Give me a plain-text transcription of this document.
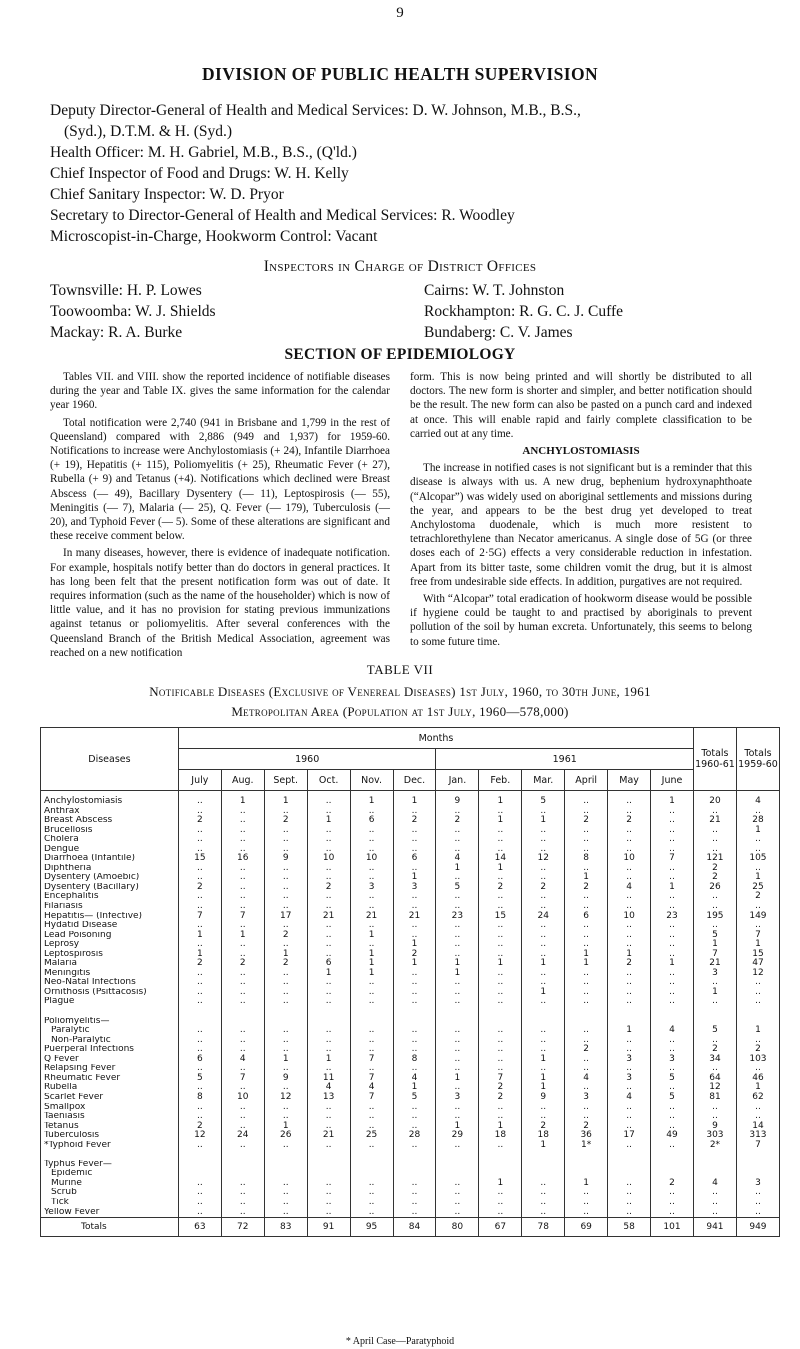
9
DIVISION OF PUBLIC HEALTH SUPERVISION
Deputy Director-General of Health and Medical Services: D. W. Johnson, M.B., B.S.,
(Syd.), D.T.M. & H. (Syd.)
Health Officer: M. H. Gabriel, M.B., B.S., (Q'ld.)
Chief Inspector of Food and Drugs: W. H. Kelly
Chief Sanitary Inspector: W. D. Pryor
Secretary to Director-General of Health and Medical Services: R. Woodley
Microscopist-in-Charge, Hookworm Control: Vacant
Inspectors in Charge of District Offices
Townsville: H. P. Lowes
Toowoomba: W. J. Shields
Mackay: R. A. Burke
Cairns: W. T. Johnston
Rockhampton: R. G. C. J. Cuffe
Bundaberg: C. V. James
SECTION OF EPIDEMIOLOGY

Tables VII. and VIII. show the reported incidence of notifiable diseases during the year and Table IX. gives the same information for the calendar year 1960.

Total notification were 2,740 (941 in Brisbane and 1,799 in the rest of Queensland) compared with 2,886 (949 and 1,937) for 1959-60. Notifications to increase were Anchylostomiasis (+ 24), Infantile Diarrhoea (+ 19), Hepatitis (+ 115), Poliomyelitis (+ 25), Rheumatic Fever (+ 27), Rubella (+ 9) and Tetanus (+4). Notifications which declined were Breast Abscess (— 49), Bacillary Dysentery (— 11), Leptospirosis (— 55), Meningitis (— 7), Malaria (— 25), Q. Fever (— 179), Tuberculosis (— 20), and Typhoid Fever (— 5). Some of these alterations are significant and these receive comment below.

In many diseases, however, there is evidence of inadequate notification. For example, hospitals notify better than do doctors in general practices. It has long been felt that the present notification form was out of date. It requires information (such as the name of the householder) which is now of little value, and it has no provision for stating previous immunizations against tetanus or poliomyelitis. After several conferences with the Queensland Branch of the British Medical Association, agreement was reached on a new notification

form. This is now being printed and will shortly be distributed to all doctors. The new form is shorter and simpler, and better notification should be the result. The new form can also be pasted on a punch card and indexed at once. This will enable rapid and fairly complete classification to be carried out at any time.

ANCHYLOSTOMIASIS

The increase in notified cases is not significant but is a reminder that this disease is always with us. A new drug, bephenium hydroxynaphthoate (“Alcopar”) was widely used on aboriginal settlements and missions during the year, and appears to be the best drug yet developed to treat Anchylostoma duodenale, which is much more resistent to tetrachlorethylene than Necator americanus. A single dose of 5G (or three doses each of 2·5G) effects a very considerable reduction in infestation. Apart from its bitter taste, some children vomit the drug, but it is almost free from undesirable side effects. In addition, purgatives are not required.

With “Alcopar” total eradication of hookworm disease would be possible if hygiene could be taught to and practised by aboriginals to prevent pollution of the soil by human excreta. Unfortunately, this seems to belong to some future time.

TABLE VII
Notificable Diseases (Exclusive of Venereal Diseases) 1st July, 1960, to 30th June, 1961
Metropolitan Area (Population at 1st July, 1960—578,000)
Diseases	Months												Totals 1960-61	Totals 1959-60
	1960						1961							
	July	Aug.	Sept.	Oct.	Nov.	Dec.	Jan.	Feb.	Mar.	April	May	June		
Anchylostomiasis	..	1	1	..	1	1	9	1	5	..	..	1	20	4
Anthrax	..	..	..	..	..	..	..	..	..	..	..	..	..	..
Breast Abscess	2	..	2	1	6	2	2	1	1	2	2	..	21	28
Brucellosis	..	..	..	..	..	..	..	..	..	..	..	..	..	1
Cholera	..	..	..	..	..	..	..	..	..	..	..	..	..	..
Dengue	..	..	..	..	..	..	..	..	..	..	..	..	..	..
Diarrhoea (Infantile)	15	16	9	10	10	6	4	14	12	8	10	7	121	105
Diphtheria	..	..	..	..	..	..	1	1	..	..	..	..	2	..
Dysentery (Amoebic)	..	..	..	..	..	1	..	..	..	1	..	..	2	1
Dysentery (Bacillary)	2	..	..	2	3	3	5	2	2	2	4	1	26	25
Encephalitis	..	..	..	..	..	..	..	..	..	..	..	..	..	2
Filariasis	..	..	..	..	..	..	..	..	..	..	..	..	..	..
Hepatitis— (Infective)	7	7	17	21	21	21	23	15	24	6	10	23	195	149
Hydatid Disease	..	..	..	..	..	..	..	..	..	..	..	..	..	..
Lead Poisoning	1	1	2	..	1	..	..	..	..	..	..	..	5	7
Leprosy	..	..	..	..	..	1	..	..	..	..	..	..	1	1
Leptospirosis	1	..	1	..	1	2	..	..	..	1	1	..	7	15
Malaria	2	2	2	6	1	1	1	1	1	1	2	1	21	47
Meningitis	..	..	..	1	1	..	1	..	..	..	..	..	3	12
Neo-Natal Infections	..	..	..	..	..	..	..	..	..	..	..	..	..	..
Ornithosis (Psittacosis)	..	..	..	..	..	..	..	..	1	..	..	..	1	..
Plague	..	..	..	..	..	..	..	..	..	..	..	..	..	..

Poliomyelitis—														
Paralytic	..	..	..	..	..	..	..	..	..	..	1	4	5	1
Non-Paralytic	..	..	..	..	..	..	..	..	..	..	..	..	..	..
Puerperal Infections	..	..	..	..	..	..	..	..	..	2	..	..	2	2
Q Fever	6	4	1	1	7	8	..	..	1	..	3	3	34	103
Relapsing Fever	..	..	..	..	..	..	..	..	..	..	..	..	..	..
Rheumatic Fever	5	7	9	11	7	4	1	7	1	4	3	5	64	46
Rubella	..	..	..	4	4	1	..	2	1	..	..	..	12	1
Scarlet Fever	8	10	12	13	7	5	3	2	9	3	4	5	81	62
Smallpox	..	..	..	..	..	..	..	..	..	..	..	..	..	..
Taeniasis	..	..	..	..	..	..	..	..	..	..	..	..	..	..
Tetanus	2	..	1	..	..	..	1	1	2	2	..	..	9	14
Tuberculosis	12	24	26	21	25	28	29	18	18	36	17	49	303	313
*Typhoid Fever	..	..	..	..	..	..	..	..	1	1*	..	..	2*	7

Typhus Fever—														
Epidemic														
Murine	..	..	..	..	..	..	..	1	..	1	..	2	4	3
Scrub	..	..	..	..	..	..	..	..	..	..	..	..	..	..
Tick	..	..	..	..	..	..	..	..	..	..	..	..	..	..
Yellow Fever	..	..	..	..	..	..	..	..	..	..	..	..	..	..
Totals	63	72	83	91	95	84	80	67	78	69	58	101	941	949
* April Case—Paratyphoid
